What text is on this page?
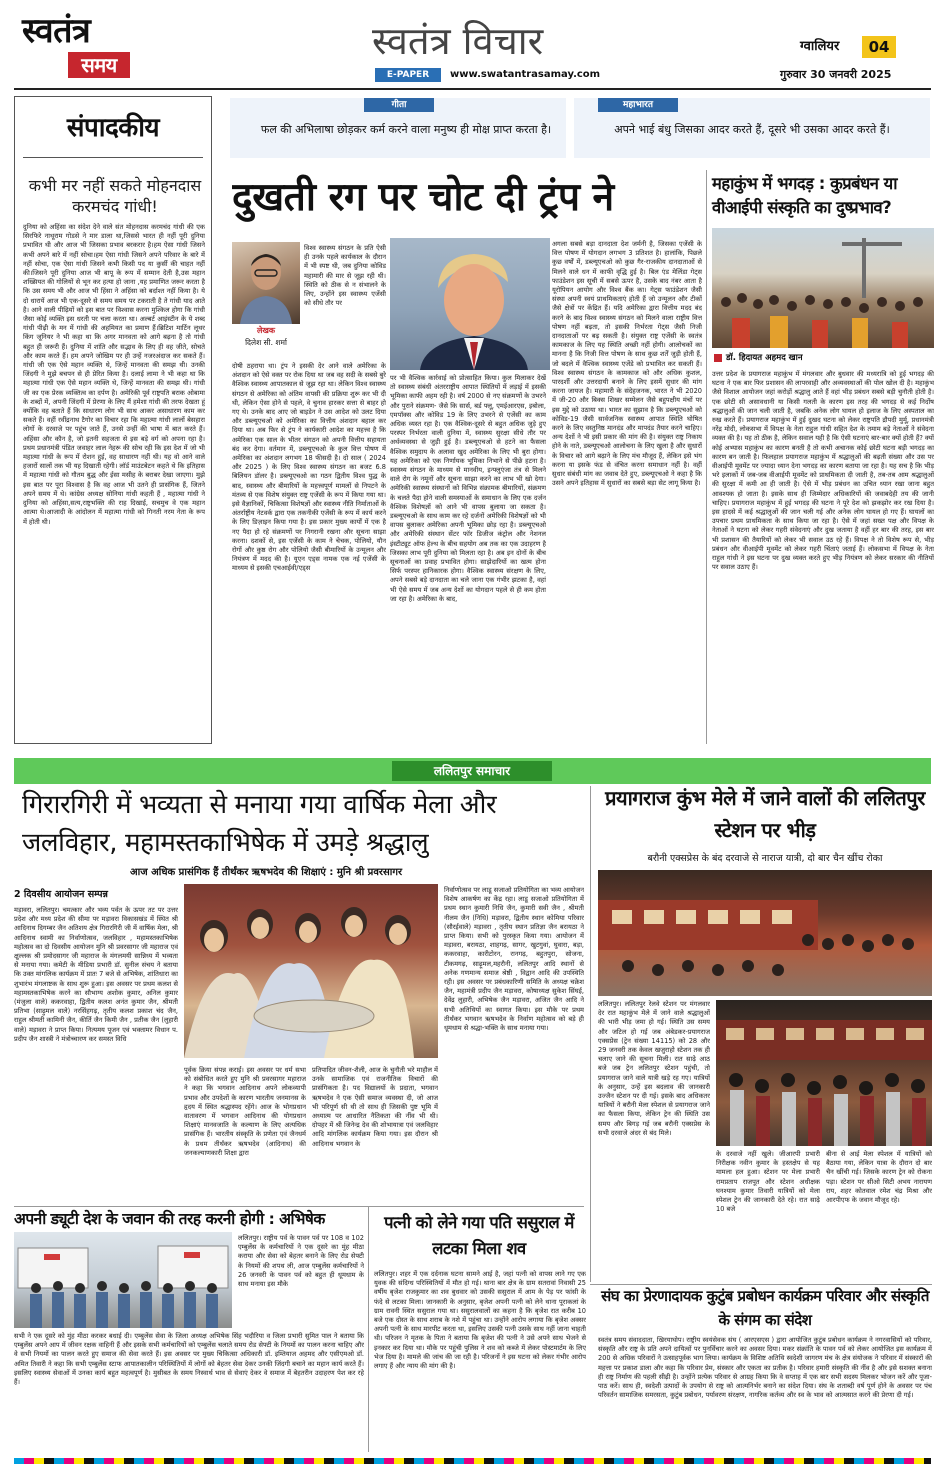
स्वतंत्र
समय
स्वतंत्र विचार
E-PAPER	www.swatantrasamay.com
ग्वालियर	04
गुरुवार 30 जनवरी 2025
संपादकीय
कभी मर नहीं सकते मोहनदास करमचंद गांधी!
दुनिया को अहिंसा का संदेश देने वाले संत मोहनदास करमचंद गांधी की एक सिरफिरे नाथूराम गोडसे ने मार डाला था,जिससे भारत ही नहीं पूरी दुनिया प्रभावित थी और आज भी जिसका प्रभाव बरकरार है।हम ऐसा गांधी जिसने कभी अपने बारे में नहीं सोचा।हम ऐसा गांधी जिसने अपने परिवार के बारे में नहीं सोचा, एक ऐसा गांधी जिसने कभी किसी पद या कुर्सी की चाहत नहीं की।जिसने पूरी दुनिया आज भी बापू के रूप में सम्मान देती है,उस महान शख्सियत की गोलियों से भून कर हत्या हो जाना ,यह प्रमाणित जरूर करता है कि उस समय भी और आज भी हिंसा ने अहिंसा को बर्दाश्त नहीं किया है। ये दो धारायें आज भी एक-दूसरे से समय समय पर टकराती है ते गांधी याद आते है। आने वाली पीढ़ियों को इस बात पर विश्वास करना मुश्किल होगा कि गांधी जैसा कोई व्यक्ति इस धरती पर चला करता था। अल्बर्ट आइंस्टीन के ये शब्द गांधी पीढ़ी के मन में गांधी की अहमियत का प्रमाण हैं।ब्रिटिश मार्टिन लूथर किंग जूनियर ने भी कहा था कि अगर मानवता को आगे बढ़ना है तो गांधी बहुत ही जरूरी हैं। दुनिया में शांति और सद्भाव के लिए ही वह जीते, सोचते और काम करते हैं। हम अपने जोखिम पर ही उन्हें नजरअंदाज कर सकते हैं। गांधी जी एक ऐसे महान व्यक्ति थे, जिन्हें मानवता की समझ थी। उनकी जिंदगी ने मुझे बचपन से ही प्रेरित किया है। दलाई लामा ने भी कहा था कि महात्मा गांधी एक ऐसे महान व्यक्ति थे, जिन्हें मानवता की समझ थी। गांधी जी का एक प्रेरक व्यक्तित्व का दर्पण है। अमेरिकी पूर्व राष्ट्रपति बराक ओबामा के शब्दों में, अपनी जिंदगी में प्रेरणा के लिए मैं हमेशा गांधी की तरफ देखता हूं क्योंकि वह बताते हैं कि साधारण लोग भी साथ आकर असाधारण काम कर सकते हैं। वहीं रवींद्रनाथ टैगोर का विचार रहा कि महात्मा गांधी लालों बेसहारा लोगों के दरवाजे पर पहुंच जाते हैं, उनसे उन्हीं की भाषा में बात करते हैं। अहिंसा और कौन है, जो इतनी सहजता से इस बड़े वर्ग को अपना रहा है। प्रथम प्रधानमंत्री पंडित जवाहर लाल नेहरू की सोच रही कि इस देश में जो भी महात्मा गांधी के रूप में रोशन हुई, वह साधारण नहीं थी। यह वो आने वाले हजारों सालों तक भी यह दिखाती रहेगी। लॉर्ड माउंटबेटन कहते थे कि इतिहास में महात्मा गांधी को गौतम बुद्ध और ईसा मसीह के बराबर देखा जाएगा। मुझे इस बात पर पूरा विश्वास है कि वह आज भी उतने ही प्रासंगिक हैं, जितने अपने समय में थे। कांग्रेस अध्यक्ष सोनिया गांधी कहती हैं , महात्मा गांधी ने दुनिया को अहिंसा,सत्य,राष्ट्रभक्ति की राह दिखाई, सचमुच वे एक महान आत्मा थे।आजादी के आंदोलन में महात्मा गांधी को गिनती नरम नेता के रूप में होती थी।
गीता
फल की अभिलाषा छोड़कर कर्म करने वाला मनुष्य ही मोक्ष प्राप्त करता है।
महाभारत
अपने भाई बंधु जिसका आदर करते हैं, दूसरे भी उसका आदर करते हैं।
दुखती रग पर चोट दी ट्रंप ने
लेखक
दिलेश सी. शर्मा
विश्व स्वास्थ्य संगठन के प्रति ऐसी ही उनके पहले कार्यकाल के दौरान में भी स्पष्ट थी, जब दुनिया कोविड महामारी की मार से जूझ रही थी। स्थिति को ठीक से न संभालने के लिए, उन्होंने इस स्वास्थ्य एजेंसी को सीधे तौर पर
दोषी ठहराया था। ट्रंप ने इसकी देर आने वाले अमेरिका के अंशदान को ऐसे वक्त पर रोक दिया था जब वह सदी के सबसे बुरे वैश्विक स्वास्थ्य आपातकाल से जूझ रहा था। लेकिन विश्व स्वास्थ्य संगठन से अमेरिका को अंतिम वापसी की प्रक्रिया शुरू कर भी दी थी, लेकिन ऐसा होने से पहले, वे चुनाव हारकर सत्ता से बाहर हो गए थे। उनके बाद आए जो बाइडेन ने उस आदेश को उलट दिया और डब्ल्यूएचओ को अमेरिका का वित्तीय अंशदान बहाल कर दिया था। अब फिर से ट्रंप ने कार्यकारी आदेश का महत्त्व है कि अमेरिका एक साल के भीतर संगठन को अपनी वित्तीय सहायता बंद कर देगा। वर्तमान में, डब्ल्यूएचओ के कुल वित्त पोषण में अमेरिका का अंशदान लगभग 18 फीसदी है। दो साल ( 2024 और 2025 ) के लिए विश्व स्वास्थ्य संगठन का बजट 6.8 बिलियन डॉलर है। डब्ल्यूएचओ का गठन द्वितीय विश्व युद्ध के बाद, स्वास्थ्य और बीमारियों के महत्त्वपूर्ण मामलों से निपटने के मंतव्य से एक विशेष संयुक्त राष्ट्र एजेंसी के रूप में किया गया था। इसे वैज्ञानिकों, चिकित्सा विशेषज्ञों और स्वास्थ्य नीति निर्माताओं के अंतर्राष्ट्रीय नेटवर्क द्वारा एक तकनीकी एजेंसी के रूप में कार्य करने के लिए डिज़ाइन किया गया है। इस प्रकार मुख्य कार्यों में एक है नए पैदा हो रहे संक्रमणों पर निगरानी रखना और सूचना साझा करना। दशकों से, इस एजेंसी के काम ने चेचक, पोलियो, यौन रोगों और कुष्ठ रोग और पोलियो जैसी बीमारियों के उन्मूलन और नियंत्रण में मदद की है। यूएन एड्स नामक एक नई एजेंसी के माध्यम से इसकी एचआईवी/एड्स
पर भी वैश्विक कार्रवाई को प्रोत्साहित किया। कुल मिलाकर देखें तो स्वास्थ्य संबंधी अंतरराष्ट्रीय आपात स्थितियों में लड़ाई में इसकी भूमिका काफी अहम रही है। वर्ष 2000 से नए संक्रमणों के उभरने और पुराने संक्रमण- जैसे कि सार्स, बर्ड फ्लू, एमईआरएस, इबोला, एमपॉक्स और कोविड 19 के लिए उभरने से एजेंसी का काम अधिक व्यस्त रहा है। एक वैश्विक-दूसरे से बहुत अधिक जुड़े हुए परस्पर निर्भरता वाली दुनिया में, स्वास्थ्य सुरक्षा सीधे तौर पर अर्थव्यवस्था से जुड़ी हुई है। डब्ल्यूएचओ से हटने का फैसला वैश्विक समुदाय के अलावा खुद अमेरिका के लिए भी बुरा होगा। यह अमेरिका को एक निर्णायक भूमिका निभाने से पीछे हटना है। स्वास्थ्य संगठन के माध्यम से मानवीय, इन्फ्लुएंजा तंत्र से मिलने वाले रोग के नमूनों और सूचना साझा करने का लाभ भी खो देगा। अमेरिकी स्वास्थ्य संस्थानों को विभिन्न संक्रामक बीमारियों, संक्रमण के चलते पैदा होने वाली समस्याओं के समाधान के लिए एक दर्जन वैश्विक विशेषज्ञों को आने भी वापस बुलाया जा सकता है। डब्ल्यूएचओ के साथ काम कर रहे दर्जनों अमेरिकी विशेषज्ञों को भी वापस बुलाकर अमेरिका अपनी भूमिका छोड़ रहा है। डब्ल्यूएचओ और अमेरिकी संस्थान सेंटर फॉर डिजीज कंट्रोल और नेशनल इंस्टीट्यूट ऑफ हेल्थ के बीच सहयोग अब तक का एक उदाहरण है जिसका लाभ पूरी दुनिया को मिलता रहा है। अब इन दोनों के बीच सूचनाओं का प्रवाह प्रभावित होगा। साझेदारियों का खत्म होना सिर्फ परस्पर हानिकारक होगा। वैश्विक स्वास्थ्य संरक्षण के लिए, अपने सबसे बड़े दानदाता का चले जाना एक गंभीर झटका है, वहां भी ऐसे समय में जब अन्य देशों का योगदान पहले से ही कम होता जा रहा है। अमेरिका के बाद,
अगला सबसे बड़ा दानदाता देश जर्मनी है, जिसका एजेंसी के वित्त पोषण में योगदान लगभग 3 प्रतिशत है। हालांकि, पिछले कुछ वर्षों में, डब्ल्यूएचओ को कुछ गैर-राजकीय दानदाताओं से मिलने वाले धन में काफी वृद्धि हुई है। बिल एंड मेलिंडा गेट्स फाउंडेशन इस सूची में सबसे ऊपर है, उसके बाद नंबर आता है यूरोपियन आयोग और विश्व बैंक का। गेट्स फाउंडेशन जैसी संस्था अपनी स्वयं प्राथमिकताएं होती हैं जो उन्मूलन और टीकों जैसे क्षेत्रों पर केंद्रित हैं। यदि अमेरिका द्वारा वित्तीय मदद बंद करने के बाद विश्व स्वास्थ्य संगठन को मिलने वाला राष्ट्रीय वित्त पोषण नहीं बढ़ता, तो इसकी निर्भरता गेट्स जैसी निजी दानदाताओं पर बढ़ सकती है। संयुक्त राष्ट्र एजेंसी के स्वतंत्र कामकाज के लिए यह स्थिति अच्छी नहीं होगी। आलोचकों का मानना है कि निजी वित्त पोषण के साथ कुछ शर्तें जुड़ी होती हैं, जो बदले में वैश्विक स्वास्थ्य एजेंडे को प्रभावित कर सकती हैं। विश्व स्वास्थ्य संगठन के कामकाज को और अधिक कुशल, पारदर्शी और उत्तरदायी बनाने के लिए इसमें सुधार की मांग करना जायज है। महामारी के संदेहजनक, भारत ने भी 2020 में जी-20 और बिक्स शिखर सम्मेलन जैसे बहुपक्षीय मंचों पर इस मुद्दे को उठाया था। भारत का सुझाव है कि डब्ल्यूएचओ को कोविड-19 जैसी सार्वजनिक स्वास्थ्य आपात स्थिति घोषित करने के लिए वस्तुनिष्ठ मानदंड और मापदंड तैयार करने चाहिए। अन्य देशों ने भी इसी प्रकार की मांग की है। संयुक्त राष्ट्र निकाय होने के नाते, डब्ल्यूएचओ आलोचना के लिए खुला है और सुधारों के विचार को आगे बढ़ाने के लिए मंच मौजूद हैं, लेकिन इसे भंग करना या इसके फंड से वंचित करना समाधान नहीं है। वहीं सुधार संबंधी मांग का जवाब देते हुए, डब्ल्यूएचओ ने कहा है कि उसने अपने इतिहास में सुधारों का सबसे बड़ा सेट लागू किया है।
महाकुंभ में भगदड़ : कुप्रबंधन या वीआईपी संस्कृति का दुष्प्रभाव?
डॉ. हिदायत अहमद खान
उत्तर प्रदेश के प्रयागराज महाकुंभ में मंगलवार और बुधवार की मध्यरात्रि को हुई भगदड़ की घटना ने एक बार फिर प्रशासन की लापरवाही और अव्यवस्थाओं की पोल खोल दी है। महाकुंभ जैसे विशाल आयोजन जहां करोड़ों श्रद्धालु आते हैं वहां भीड़ प्रबंधन सबसे बड़ी चुनौती होती है। एक छोटी सी असावधानी या किसी गलती के कारण इस तरह की भगदड़ से कई निर्दोष श्रद्धालुओं की जान चली जाती है, जबकि अनेक लोग घायल हो इलाज के लिए अस्पताल का रुख करते हैं। प्रयागराज महाकुंभ में हुई दुखद घटना को लेकर राष्ट्रपति द्रौपदी मुर्मू, प्रधानमंत्री नरेंद्र मोदी, लोकसभा में विपक्ष के नेता राहुल गांधी सहित देश के तमाम बड़े नेताओं ने संवेदना व्यक्त की है। यह तो ठीक है, लेकिन सवाल यही है कि ऐसी घटनाएं बार-बार क्यों होती हैं? क्यों कोई अभ्यास महाकुंभ का कारण बनती है तो कभी अचानक कोई छोटी घटना बड़ी भगदड़ का कारण बन जाती है। फिलहाल प्रयागराज महाकुंभ में श्रद्धालुओं की बढ़ती संख्या और उस पर वीआईपी मूवमेंट पर ज्यादा ध्यान देना भगदड़ का कारण बताया जा रहा है। यह सच है कि भीड़ भरे इलाकों में जब-जब वीआईपी मूवमेंट को प्राथमिकता दी जाती है, तब-तब आम श्रद्धालुओं की सुरक्षा में कमी आ ही जाती है। ऐसे में भीड़ प्रबंधन का उचित ध्यान रखा जाना बहुत आवश्यक हो जाता है। इसके साथ ही जिम्मेदार अधिकारियों की जवाबदेही तय की जानी चाहिए। प्रयागराज महाकुंभ में हुई भगदड़ की घटना ने पूरे देश को झकझोर कर रख दिया है। इस हादसे में कई श्रद्धालुओं की जान चली गई और अनेक लोग घायल हो गए हैं। घायलों का उपचार प्रथम प्राथमिकता के साथ किया जा रहा है। ऐसे में जहां सख्त पक्ष और विपक्ष के नेताओं ने घटना को लेकर गहरी संवेदनाएं और दुख जताया है वहीं हर बार की तरह, इस बार भी प्रशासन की तैयारियों को लेकर भी सवाल उठ रहे हैं। विपक्ष ने तो विशेष रूप से, भीड़ प्रबंधन और वीआईपी मूवमेंट को लेकर गहरी चिंताएं जताई हैं। लोकसभा में विपक्ष के नेता राहुल गांधी ने इस घटना पर दुख व्यक्त करते हुए भीड़ नियंत्रण को लेकर सरकार की नीतियों पर सवाल उठाए हैं।
ललितपुर समाचार
गिरारगिरी में भव्यता से मनाया गया वार्षिक मेला और जलविहार, महामस्तकाभिषेक में उमड़े श्रद्धालु
आज अधिक प्रासंगिक हैं तीर्थंकर ऋषभदेव की शिक्षाएं : मुनि श्री प्रवरसागर
2 दिवसीय आयोजन सम्पन्न
मड़ावरा, ललितपुर। चमत्कार और भव्य पर्वत के ऊपर तट पर उत्तर प्रदेश और मध्य प्रदेश की सीमा पर मड़ावरा विकासखंड में स्थित श्री आदिनाथ दिगम्बर जैन अतिशय क्षेत्र गिरारगिरी जी में वार्षिक मेला, श्री आदिनाथ स्वामी का निर्वाणोत्सव, जलविहार , महामस्तकाभिषेक महोत्सव का दो दिवसीय आयोजन मुनि श्री प्रवरसागर जी महाराज एवं क्षुल्लक श्री प्रमोदसागर जी महाराज के मंगलमयी सान्निध्य में भव्यता से मनाया गया। कमेटी के मीडिया प्रभारी डॉ. सुनील संचय ने बताया कि उक्त मांगलिक कार्यक्रम में प्रातः 7 बजे से अभिषेक, शांतिधारा का शुभारंभ मंगलाष्टक के साथ शुरू हुआ। इस अवसर पर प्रथम कलश से महामस्तकाभिषेक करने का सौभाग्य अशोक कुमार, अनिल कुमार (मंजुला वाले) ककरवाहा, द्वितीय कलश अनंत कुमार जैन, श्रीमती प्रतिभा (साढ़ुमल वाले) नरसिंहगढ़, तृतीय कलश प्रकाश चंद जैन, राहुल श्रीमती कामिनी जैन, कीर्ति जैन किमी जैन , प्रतीक जैन (लुहारी वाले) मड़ावरा ने प्राप्त किया। नित्यमय पूजन एवं भक्तामर विधान प. प्रदीप जैन शास्त्री ने मंत्रोच्चारण कर समस्त विधि
पूर्वक क्रिया संपन्न कराईं। इस अवसर पर धर्म सभा को संबोधित करते हुए मुनि श्री प्रवरसागर महाराज ने कहा कि भगवान आदिनाथ अपने लोकव्यापी प्रभाव और उपदेशों के कारण भारतीय जनमानस के हृदय में स्थित श्रद्धास्पद रहेंगे। आज के भोगप्रधान वातावरण में भगवान आदिनाथ की योगप्रधान शिक्षाएं मानवजाति के कल्याण के लिए अत्यधिक प्रासंगिक हैं। भारतीय संस्कृति के प्रणेता एवं जैनधर्म के प्रथम तीर्थंकर ऋषभदेव (आदिनाथ) की जनकल्याणकारी शिक्षा द्वारा
प्रतिपादित जीवन-शैली, आज के चुनौती भरे माहौल में उनके सामाजिक एवं राजनीतिक विचारों की प्रासंगिकता है। पद विद्यालयों के प्रदाता, भगवान ऋषभदेव ने एक ऐसी समाज व्यवस्था दी, जो आज भी परिपूर्ण सी थी तो साथ ही जिसकी पुष्ट भूमि में अध्यात्म पर आधारित नैतिकता की नींव भी थी। दोपहर में श्री जिनेन्द्र देव की शोभायात्रा एवं जलविहार आदि मांगलिक कार्यक्रम किया गया। इस दौरान श्री आदिनाथ भगवान के
निर्वाणोत्सव पर लाडू सजाओ प्रतियोगिता का भव्य आयोजन विशेष आकर्षण का केंद्र रहा। लाडू सजाओ प्रतियोगिता में प्रथम स्थान कुमारी निधि जैन, कुमारी सवी जैन , श्रीमती नीलम जैन (निधि) मड़ावरा, द्वितीय स्थान कोमिया परिवार (सौरईवाले) मड़ावरा , तृतीय स्थान प्रतिज्ञा जैन बरायठा ने प्राप्त किया। सभी को पुरस्कृत किया गया। आयोजन में मड़ावरा, बरायठा, शाहगढ़, सागर, खुटगुवां, घुवारा, बड़ा, ककरवाहा, कारीटोरन, रानगढ़, बहुतपुरा, सोजना, टीकमगढ़, साढ़ूमल,महरौनी, ललितपुर आदि स्थानों से अनेक गणमान्य समाज श्रेष्ठी , विद्वान आदि की उपस्थिति रही। इस अवसर पर प्रबंधकारिणी समिति के अध्यक्ष चक्रेश जैन, महामंत्री प्रदीप जैन मड़ावरा, कोषाध्यक्ष सुकेश सिंघई, देवेंद्र लुहारी, अभिषेक जैन मड़ावरा, अजित जैन आदि ने सभी अतिथियों का स्वागत किया। इस मौके पर प्रथम तीर्थंकर भगवान ऋषभदेव के निर्वाण महोत्सव को बड़े ही धूमधाम से श्रद्धा-भक्ति के साथ मनाया गया।
अपनी ड्यूटी देश के जवान की तरह करनी होगी : अभिषेक
ललितपुर। राष्ट्रीय पर्व के पावन पर्व पर 108 व 102 एम्बुलेंस के कर्मचारियों ने एक दूसरे का मुंह मीठा कराया और सेवा को बेहतर बनाने के लिए रोड सेफ्टी के नियमों की शपथ ली, आज एम्बुलेंस कर्मचारियों ने 26 जनवरी के पावन पर्व को बहुत ही धूमधाम के साथ मनाया इस मौके
सभी ने एक दूसरे को मुंह मीठा करकर बधाई दी। एम्बुलेंस सेवा के जिला अध्यक्ष अभिषेक सिंह भदौरिया व जिला प्रभारी सुमित पाल ने बताया कि एम्बुलेंस अपने आप में जीवन रक्षक वाहिनी हैं और इसके सभी कर्मचारियों को एम्बुलेंस चलाते समय रोड सेफ्टी के नियमों का पालन करना चाहिए और वे सभी नियमों का पालन करते हुए समाज की सेवा करते हैं। इस अवसर पर मुख्य चिकित्सा अधिकारी डॉ. इम्तियाज अहमद और एसीएमओ डॉ. अमित तिवारी ने कहा कि सभी एम्बुलेंस स्टाफ आपातकालीन परिस्थितियों में लोगों को बेहतर सेवा देकर उनकी जिंदगी बचाने का महान कार्य करते हैं। इसलिए स्वास्थ्य सेवाओं में उनका कार्य बहुत महत्वपूर्ण है। मुसीबत के समय निस्वार्थ भाव से सेवाएं देकर वे समाज में बेहतरीन उदाहरण पेश कर रहे हैं।
पत्नी को लेने गया पति ससुराल में लटका मिला शव
ललितपुर। शहर में एक दर्दनाक घटना सामने आई है, जहां पत्नी को वापस लाने गए एक युवक की संदिग्ध परिस्थितियों में मौत हो गई। थाना बार क्षेत्र के ग्राम सतरावां निवासी 25 वर्षीय बृजेश राजकुमार का शव बुधवार को उसकी ससुराल में आम के पेड़ पर फांसी के फंदे से लटका मिला। जानकारी के अनुसार, बृजेश अपनी पत्नी को लेने थाना पूराकलां के ग्राम रावनी स्थित ससुराल गया था। ससुरालवालों का कहना है कि बृजेश रात करीब 10 बजे एक दोस्त के साथ शराब के नशे में पहुंचा था। उन्होंने आरोप लगाया कि बृजेश अक्सर अपनी पत्नी के साथ मारपीट करता था, इसलिए उसकी पत्नी उसके साथ नहीं जाना चाहती थी। परिजन ने मृतक के पिता ने बताया कि बृजेश की पत्नी ने उसे अपने साथ भेजने से इनकार कर दिया था। मौके पर पहुंची पुलिस ने शव को कब्जे में लेकर पोस्टमार्टम के लिए भेज दिया है। मामले की जांच की जा रही है। परिजनों ने इस घटना को लेकर गंभीर आरोप लगाए हैं और न्याय की मांग की है।
प्रयागराज कुंभ मेले में जाने वालों की ललितपुर स्टेशन पर भीड़
बरौनी एक्सप्रेस के बंद दरवाजे से नाराज यात्री, दो बार चैन खींच रोका
ललितपुर। ललितपुर रेलवे स्टेशन पर मंगलवार देर रात महाकुंभ मेले में जाने वाले श्रद्धालुओं की भारी भीड़ जमा हो गई। स्थिति उस समय और जटिल हो गई जब अंबेडकर-प्रयागराज एक्सप्रेस (ट्रेन संख्या 14115) को 28 और 29 जनवरी तक केवल खजुराहो स्टेशन तक ही चलाए जाने की सूचना मिली। रात साढ़े आठ बजे जब ट्रेन ललितपुर स्टेशन पहुंची, तो प्रयागराज जाने वाले यात्री खड़े रह गए। यात्रियों के अनुसार, उन्हें इस बदलाव की जानकारी उज्जैन स्टेशन पर दी गई। इसके बाद अधिकतर यात्रियों ने बरौनी मेला स्पेशल से प्रयागराज जाने का फैसला किया, लेकिन ट्रेन की स्थिति उस समय और बिगड़ गई जब बरौनी एक्सप्रेस के सभी दरवाजे अंदर से बंद मिले।
के दरवाजे नहीं खुले। जीआरपी प्रभारी निरीक्षक नवीन कुमार के हस्तक्षेप से यह मामला हल हुआ। स्टेशन पर मेला प्रभारी रामप्रताप राजपूत और स्टेशन अधीक्षक घनश्याम कुमार तिवारी यात्रियों को मेला स्पेशल ट्रेन की जानकारी देते रहे। रात साढ़े 10 बजे
बीना से आई मेला स्पेशल में यात्रियों को बैठाया गया, लेकिन यात्रा के दौरान दो बार चैन खींची गई। जिसके कारण ट्रेन को रोकना पड़ा। स्टेशन पर सीओ सिटी अभय नारायण राय, शहर कोतवाल रमेश चंद्र मिश्रा और आरपीएफ के जवान मौजूद रहे।
संघ का प्रेरणादायक कुटुंब प्रबोधन कार्यक्रम परिवार और संस्कृति के संगम का संदेश
स्वतंत्र समय संवाददाता, खिरयाघोप। राष्ट्रीय स्वयंसेवक संघ ( आरएसएस ) द्वारा आयोजित कुटुंब प्रबोधन कार्यक्रम ने नगरवासियों को परिवार, संस्कृति और राष्ट्र के प्रति अपने दायित्वों पर पुनर्विचार करने का अवसर दिया। मकर संक्रांति के पावन पर्व को लेकर आयोजित इस कार्यक्रम में 200 से अधिक परिवारों ने उत्साहपूर्वक भाग लिया। कार्यक्रम के विशिष्ट अतिथि स्वदेशी जागरण मंच के क्षेत्र संयोजक ने परिवार में संस्कारों की महत्ता पर प्रकाश डाला और कहा कि परिवार प्रेम, संस्कार और एकता का प्रतीक है। परिवार हमारी संस्कृति की नींव है और इसे सशक्त बनाना ही राष्ट्र निर्माण की पहली सीढ़ी है। उन्होंने प्रत्येक परिवार से आग्रह किया कि वे सप्ताह में एक बार सभी सदस्य मिलकर भोजन करें और पूजा-पाठ करें। साथ ही, स्वदेशी उत्पादों के उपयोग से राष्ट्र को आत्मनिर्भर बनाने का संदेश दिया। संघ के शताब्दी वर्ष पूर्ण होने के अवसर पर पंच परिवर्तन सामाजिक समरसता, कुटुंब प्रबोधन, पर्यावरण संरक्षण, नागरिक कर्तव्य और स्व के भाव को आत्मसात करने की प्रेरणा दी गई।
